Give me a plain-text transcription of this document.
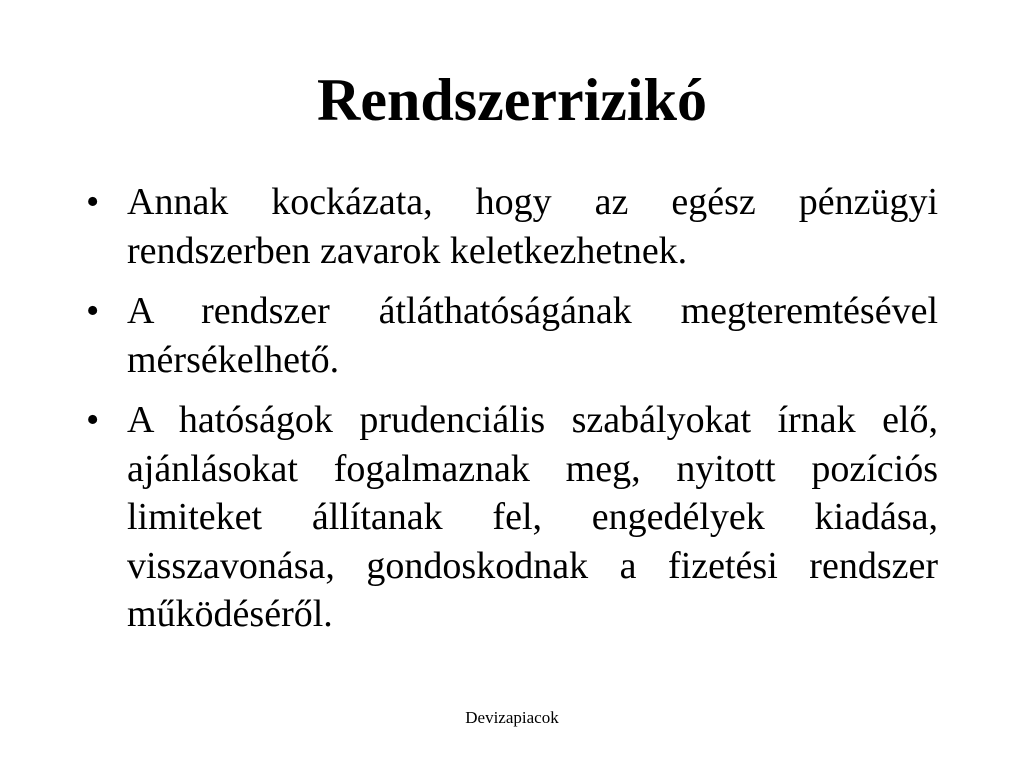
Rendszerrizikó
• Annak kockázata, hogy az egész pénzügyi rendszerben zavarok keletkezhetnek.
• A rendszer átláthatóságának megteremtésével mérsékelhető.
• A hatóságok prudenciális szabályokat írnak elő, ajánlásokat fogalmaznak meg, nyitott pozíciós limiteket állítanak fel, engedélyek kiadása, visszavonása, gondoskodnak a fizetési rendszer működéséről.
Devizapiacok
